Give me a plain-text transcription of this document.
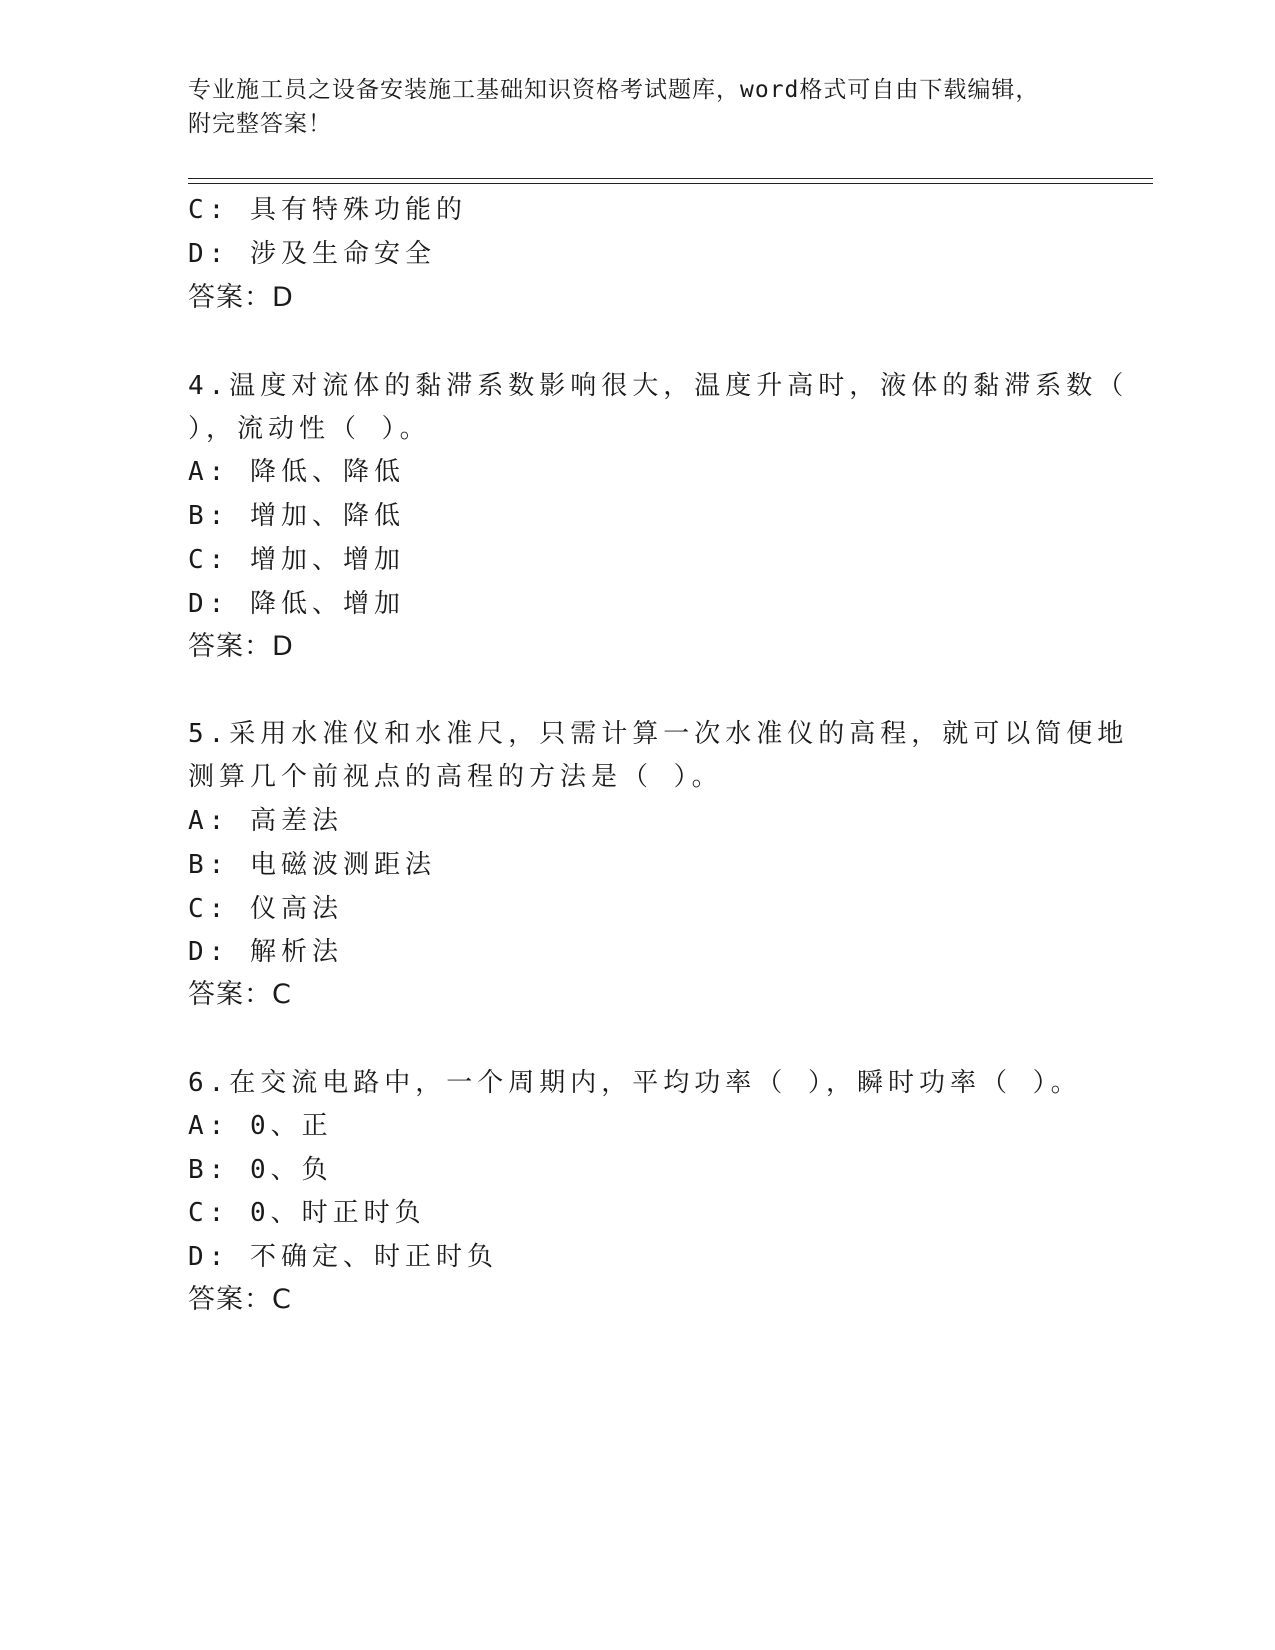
专业施工员之设备安装施工基础知识资格考试题库，word格式可自由下载编辑，
附完整答案！
C: 具有特殊功能的
D: 涉及生命安全
答案：D
4.温度对流体的黏滞系数影响很大，温度升高时，液体的黏滞系数（
），流动性（ ）。
A: 降低、降低
B: 增加、降低
C: 增加、增加
D: 降低、增加
答案：D
5.采用水准仪和水准尺，只需计算一次水准仪的高程，就可以简便地
测算几个前视点的高程的方法是（ ）。
A: 高差法
B: 电磁波测距法
C: 仪高法
D: 解析法
答案：C
6.在交流电路中，一个周期内，平均功率（ ），瞬时功率（ ）。
A: 0、正
B: 0、负
C: 0、时正时负
D: 不确定、时正时负
答案：C
